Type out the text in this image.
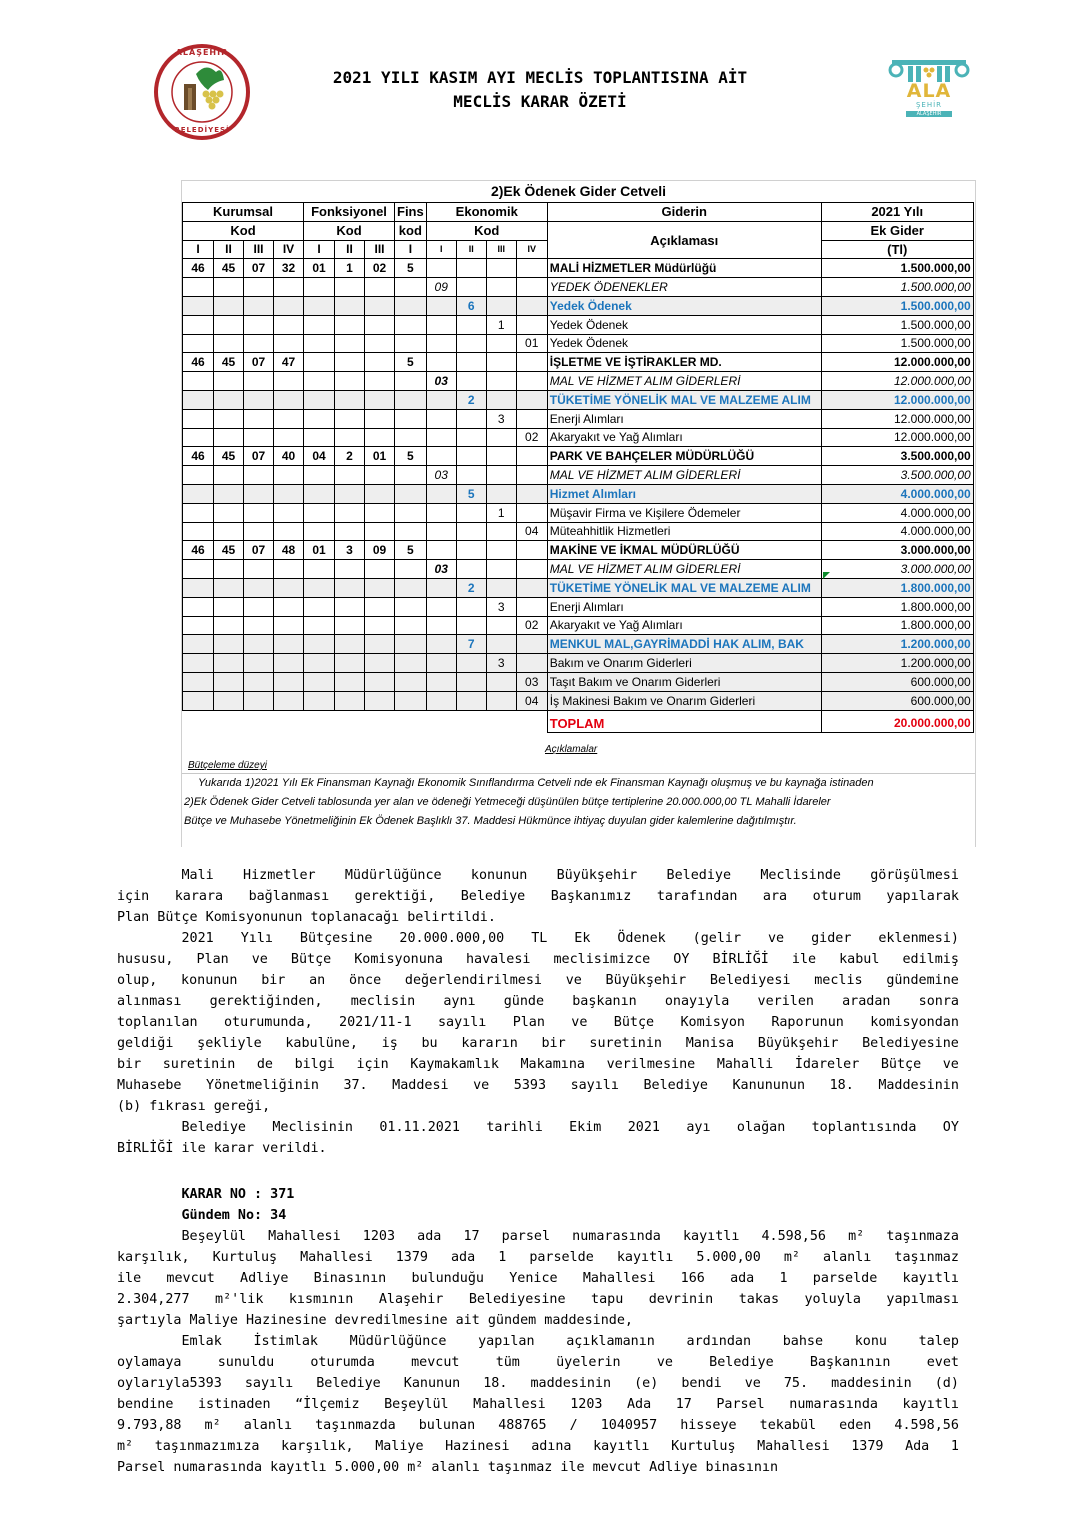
ALAŞEHİR
BELEDİYESİ
2021 YILI KASIM AYI MECLİS TOPLANTISINA AİT
MECLİS KARAR ÖZETİ	ALA
ŞEHİR
ALAŞEHİR
2)Ek Ödenek Gider Cetveli
Kurumsal				Fonksiyonel			Fins	Ekonomik				Giderin	2021 Yılı
Kod				Kod			kod	Kod				Açıklaması	Ek Gider
I	II	III	IV	I	II	III	I	I	II	III	IV		(Tl)
46	45	07	32	01	1	02	5					MALİ HİZMETLER Müdürlüğü	1.500.000,00
								09				YEDEK ÖDENEKLER	1.500.000,00
									6			Yedek Ödenek	1.500.000,00
										1		Yedek Ödenek	1.500.000,00
											01	Yedek Ödenek	1.500.000,00
46	45	07	47				5					İŞLETME VE İŞTİRAKLER MD.	12.000.000,00
								03				MAL VE HİZMET ALIM GİDERLERİ	12.000.000,00
									2			TÜKETİME YÖNELİK MAL VE MALZEME ALIM	12.000.000,00
										3		Enerji Alımları	12.000.000,00
											02	Akaryakıt ve Yağ Alımları	12.000.000,00
46	45	07	40	04	2	01	5					PARK VE BAHÇELER MÜDÜRLÜĞÜ	3.500.000,00
								03				MAL VE HİZMET ALIM GİDERLERİ	3.500.000,00
									5			Hizmet Alımları	4.000.000,00
										1		Müşavir Firma ve Kişilere Ödemeler	4.000.000,00
											04	Müteahhitlik Hizmetleri	4.000.000,00
46	45	07	48	01	3	09	5					MAKİNE VE İKMAL MÜDÜRLÜĞÜ	3.000.000,00
								03				MAL VE HİZMET ALIM GİDERLERİ	3.000.000,00
									2			TÜKETİME YÖNELİK MAL VE MALZEME ALIM	1.800.000,00
										3		Enerji Alımları	1.800.000,00
											02	Akaryakıt ve Yağ Alımları	1.800.000,00
									7			MENKUL MAL,GAYRİMADDİ HAK ALIM, BAK	1.200.000,00
										3		Bakım ve Onarım Giderleri	1.200.000,00
											03	Taşıt Bakım ve Onarım Giderleri	600.000,00
											04	İş Makinesi Bakım ve Onarım Giderleri	600.000,00
												TOPLAM	20.000.000,00
Açıklamalar
Bütçeleme düzeyi

Yukarıda 1)2021 Yılı Ek Finansman Kaynağı Ekonomik Sınıflandırma Cetveli nde ek Finansman Kaynağı oluşmuş ve bu kaynağa istinaden

2)Ek Ödenek Gider Cetveli tablosunda yer alan ve ödeneği Yetmeceği düşünülen bütçe tertiplerine 20.000.000,00 TL Mahalli İdareler

Bütçe ve Muhasebe Yönetmeliğinin Ek Ödenek Başlıklı 37. Maddesi Hükmünce ihtiyaç duyulan gider kalemlerine dağıtılmıştır.

Mali Hizmetler Müdürlüğünce konunun Büyükşehir Belediye Meclisinde görüşülmesi
için karara bağlanması gerektiği, Belediye Başkanımız tarafından ara oturum yapılarak
Plan Bütçe Komisyonunun toplanacağı belirtildi.
2021 Yılı Bütçesine 20.000.000,00 TL Ek Ödenek (gelir ve gider eklenmesi)
hususu, Plan ve Bütçe Komisyonuna havalesi meclisimizce OY BİRLİĞİ ile kabul edilmiş
olup, konunun bir an önce değerlendirilmesi ve Büyükşehir Belediyesi meclis gündemine
alınması gerektiğinden, meclisin aynı günde başkanın onayıyla verilen aradan sonra
toplanılan oturumunda, 2021/11-1 sayılı Plan ve Bütçe Komisyon Raporunun komisyondan
geldiği şekliyle kabulüne, iş bu kararın bir suretinin Manisa Büyükşehir Belediyesine
bir suretinin de bilgi için Kaymakamlık Makamına verilmesine Mahalli İdareler Bütçe ve
Muhasebe Yönetmeliğinin 37. Maddesi ve 5393 sayılı Belediye Kanununun 18. Maddesinin
(b) fıkrası gereği,
Belediye Meclisinin 01.11.2021 tarihli Ekim 2021 ayı olağan toplantısında OY
BİRLİĞİ ile karar verildi.
KARAR NO : 371
Gündem No: 34
Beşeylül Mahallesi 1203 ada 17 parsel numarasında kayıtlı 4.598,56 m² taşınmaza
karşılık, Kurtuluş Mahallesi 1379 ada 1 parselde kayıtlı 5.000,00 m² alanlı taşınmaz
ile mevcut Adliye Binasının bulunduğu Yenice Mahallesi 166 ada 1 parselde kayıtlı
2.304,277 m²'lik kısmının Alaşehir Belediyesine tapu devrinin takas yoluyla yapılması
şartıyla Maliye Hazinesine devredilmesine ait gündem maddesinde,
Emlak İstimlak Müdürlüğünce yapılan açıklamanın ardından bahse konu talep
oylamaya	sunuldu	oturumda	mevcut	tüm	üyelerin	ve	Belediye	Başkanının	evet
oylarıyla5393 sayılı Belediye Kanunun 18. maddesinin (e) bendi ve 75. maddesinin (d)
bendine istinaden “İlçemiz Beşeylül Mahallesi 1203 Ada 17 Parsel numarasında kayıtlı
9.793,88 m² alanlı taşınmazda bulunan 488765 / 1040957 hisseye tekabül eden 4.598,56
m² taşınmazımıza karşılık, Maliye Hazinesi adına kayıtlı Kurtuluş Mahallesi 1379 Ada 1
Parsel numarasında kayıtlı 5.000,00 m² alanlı taşınmaz ile mevcut Adliye binasının
